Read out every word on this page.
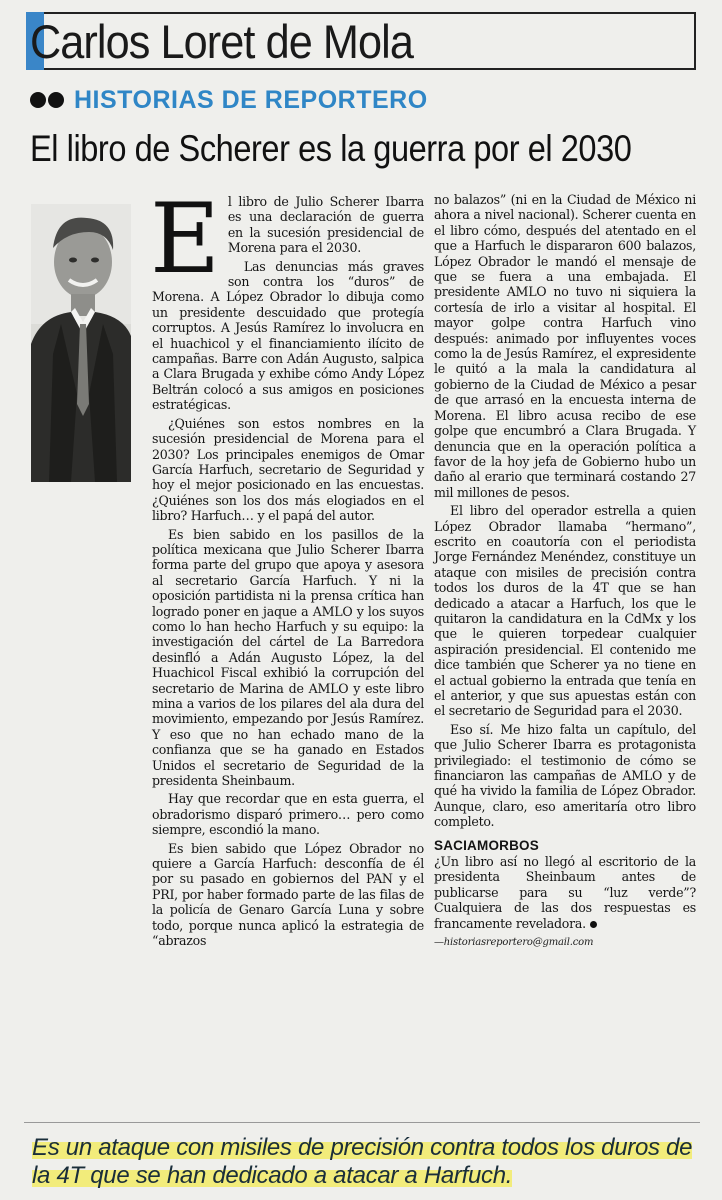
Carlos Loret de Mola
HISTORIAS DE REPORTERO
El libro de Scherer es la guerra por el 2030
E l libro de Julio Scherer Ibarra es una declaración de guerra en la sucesión presidencial de Morena para el 2030.

Las denuncias más graves son contra los “duros” de Morena. A López Obrador lo dibuja como un presidente descuidado que protegía corruptos. A Jesús Ramírez lo involucra en el huachicol y el financiamiento ilícito de campañas. Barre con Adán Augusto, salpica a Clara Brugada y exhibe cómo Andy López Beltrán colocó a sus amigos en posiciones estratégicas.

¿Quiénes son estos nombres en la sucesión presidencial de Morena para el 2030? Los principales enemigos de Omar García Harfuch, secretario de Seguridad y hoy el mejor posicionado en las encuestas. ¿Quiénes son los dos más elogiados en el libro? Harfuch… y el papá del autor.

Es bien sabido en los pasillos de la política mexicana que Julio Scherer Ibarra forma parte del grupo que apoya y asesora al secretario García Harfuch. Y ni la oposición partidista ni la prensa crítica han logrado poner en jaque a AMLO y los suyos como lo han hecho Harfuch y su equipo: la investigación del cártel de La Barredora desinfló a Adán Augusto López, la del Huachicol Fiscal exhibió la corrupción del secretario de Marina de AMLO y este libro mina a varios de los pilares del ala dura del movimiento, empezando por Jesús Ramírez. Y eso que no han echado mano de la confianza que se ha ganado en Estados Unidos el secretario de Seguridad de la presidenta Sheinbaum.

Hay que recordar que en esta guerra, el obradorismo disparó primero… pero como siempre, escondió la mano.

Es bien sabido que López Obrador no quiere a García Harfuch: desconfía de él por su pasado en gobiernos del PAN y el PRI, por haber formado parte de las filas de la policía de Genaro García Luna y sobre todo, porque nunca aplicó la estrategia de “abrazos

no balazos” (ni en la Ciudad de México ni ahora a nivel nacional). Scherer cuenta en el libro cómo, después del atentado en el que a Harfuch le dispararon 600 balazos, López Obrador le mandó el mensaje de que se fuera a una embajada. El presidente AMLO no tuvo ni siquiera la cortesía de irlo a visitar al hospital. El mayor golpe contra Harfuch vino después: animado por influyentes voces como la de Jesús Ramírez, el expresidente le quitó a la mala la candidatura al gobierno de la Ciudad de México a pesar de que arrasó en la encuesta interna de Morena. El libro acusa recibo de ese golpe que encumbró a Clara Brugada. Y denuncia que en la operación política a favor de la hoy jefa de Gobierno hubo un daño al erario que terminará costando 27 mil millones de pesos.

El libro del operador estrella a quien López Obrador llamaba “hermano”, escrito en coautoría con el periodista Jorge Fernández Menéndez, constituye un ataque con misiles de precisión contra todos los duros de la 4T que se han dedicado a atacar a Harfuch, los que le quitaron la candidatura en la CdMx y los que le quieren torpedear cualquier aspiración presidencial. El contenido me dice también que Scherer ya no tiene en el actual gobierno la entrada que tenía en el anterior, y que sus apuestas están con el secretario de Seguridad para el 2030.

Eso sí. Me hizo falta un capítulo, del que Julio Scherer Ibarra es protagonista privilegiado: el testimonio de cómo se financiaron las campañas de AMLO y de qué ha vivido la familia de López Obrador. Aunque, claro, eso ameritaría otro libro completo.

SACIAMORBOS

¿Un libro así no llegó al escritorio de la presidenta Sheinbaum antes de publicarse para su “luz verde”? Cualquiera de las dos respuestas es francamente reveladora.

—historiasreportero@gmail.com
Es un ataque con misiles de precisión contra todos los duros de la 4T que se han dedicado a atacar a Harfuch.
